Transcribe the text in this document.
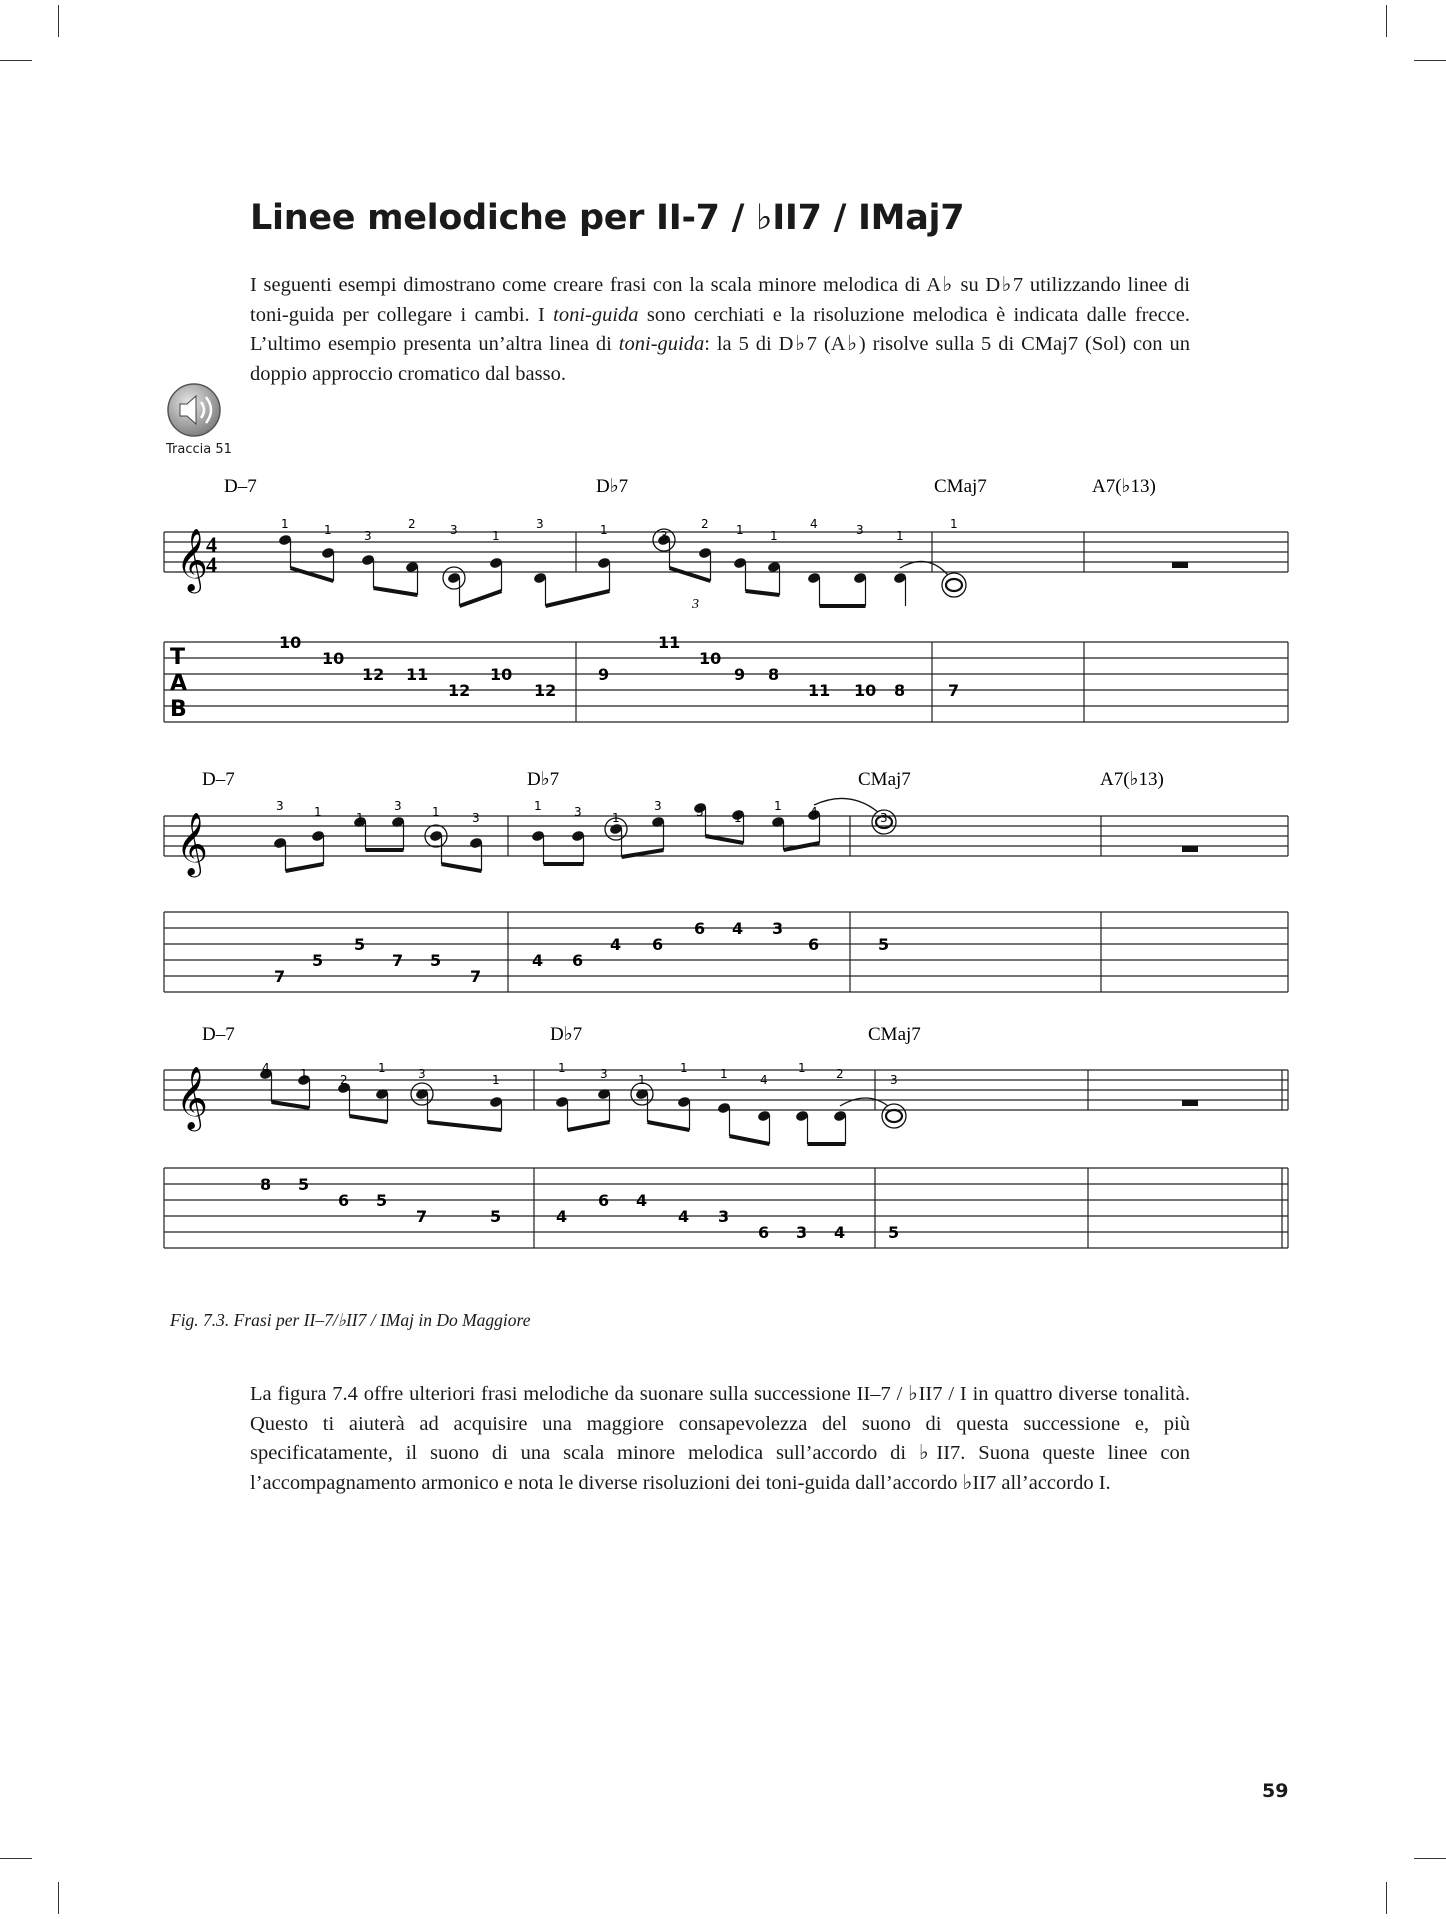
Linee melodiche per II-7 / ♭II7 / IMaj7

I seguenti esempi dimostrano come creare frasi con la scala minore melodica di A♭ su D♭7 utilizzando linee di toni-guida per collegare i cambi. I toni-guida sono cerchiati e la risoluzione melodica è indicata dalle frecce. L’ultimo esempio presenta un’altra linea di toni-guida: la 5 di D♭7 (A♭) risolve sulla 5 di CMaj7 (Sol) con un doppio approccio cromatico dal basso.

Traccia 51
𝄞
4
4
T
A
B
D–7	D♭7	CMaj7	A7(♭13)
1	1	3
2	3	1
3	1	3
2 1 1
4	3	1
1
3
10
10
12 11
12
10
12
9
11
10
9 8
11 10 8	7
𝄞
D–7	D♭7	CMaj7	A7(♭13)
3	1	1
3	1	3
1	3	1
3	3	1
1 4	3
7
5
5
7 5
7
4 6
4 6
6 4 3
6	5
𝄞
D–7	D♭7	CMaj7
4	1	2
1	3	1
1	3	1
1	1	4
1	2	3
8 5
6 5
7	5	4
6 4
4 3
6 3 4	5
Fig. 7.3. Frasi per II–7/♭II7 / IMaj in Do Maggiore

La figura 7.4 offre ulteriori frasi melodiche da suonare sulla successione II–7 / ♭II7 / I in quattro diverse tonalità. Questo ti aiuterà ad acquisire una maggiore consapevolezza del suono di questa successione e, più specificatamente, il suono di una scala minore melodica sull’accordo di ♭II7. Suona queste linee con l’accompagnamento armonico e nota le diverse risoluzioni dei toni-guida dall’accordo ♭II7 all’accordo I.

59
